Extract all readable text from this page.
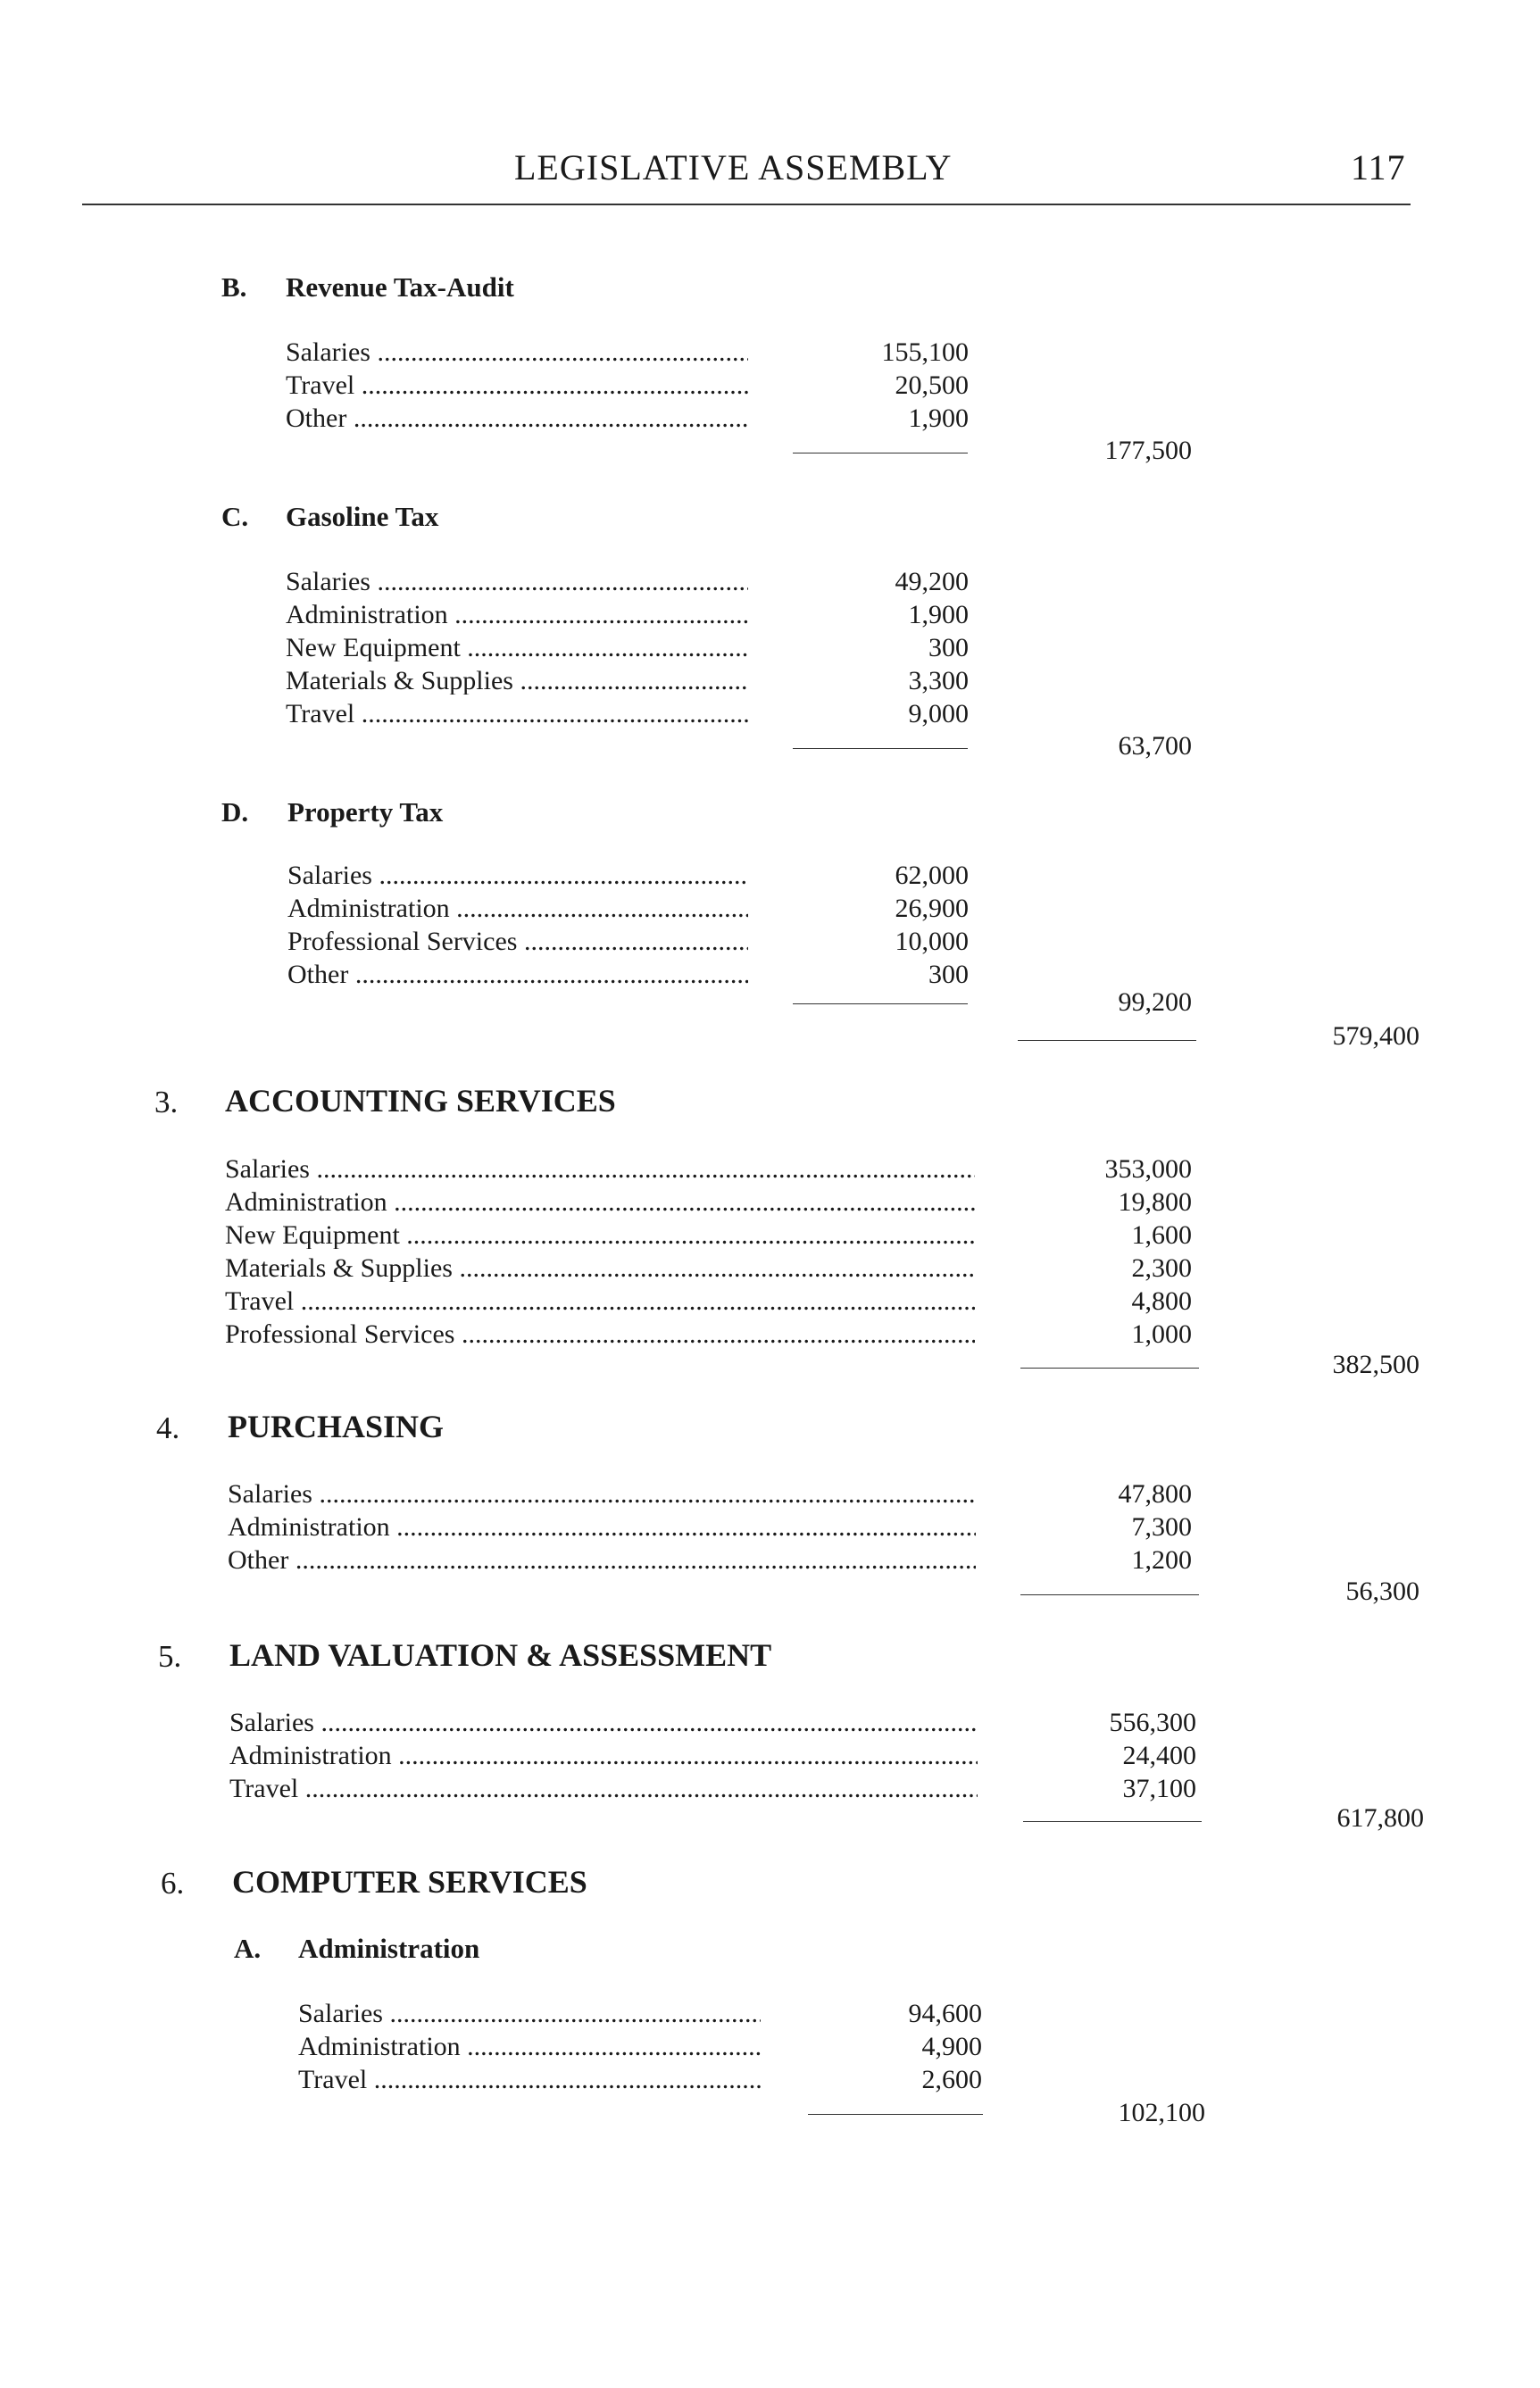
LEGISLATIVE ASSEMBLY	117
B. Revenue Tax-Audit
Salaries .....	155,100
Travel .....	20,500
Other .....	1,900
177,500
C. Gasoline Tax
Salaries .....	49,200
Administration .....	1,900
New Equipment .....	300
Materials & Supplies .....	3,300
Travel .....	9,000
63,700
D. Property Tax
Salaries .....	62,000
Administration .....	26,900
Professional Services .....	10,000
Other .....	300
99,200
579,400
3. ACCOUNTING SERVICES
Salaries .....	353,000
Administration .....	19,800
New Equipment .....	1,600
Materials & Supplies .....	2,300
Travel .....	4,800
Professional Services .....	1,000
382,500
4. PURCHASING
Salaries .....	47,800
Administration .....	7,300
Other .....	1,200
56,300
5. LAND VALUATION & ASSESSMENT
Salaries .....	556,300
Administration .....	24,400
Travel .....	37,100
617,800
6. COMPUTER SERVICES
A. Administration
Salaries .....	94,600
Administration .....	4,900
Travel .....	2,600
102,100
